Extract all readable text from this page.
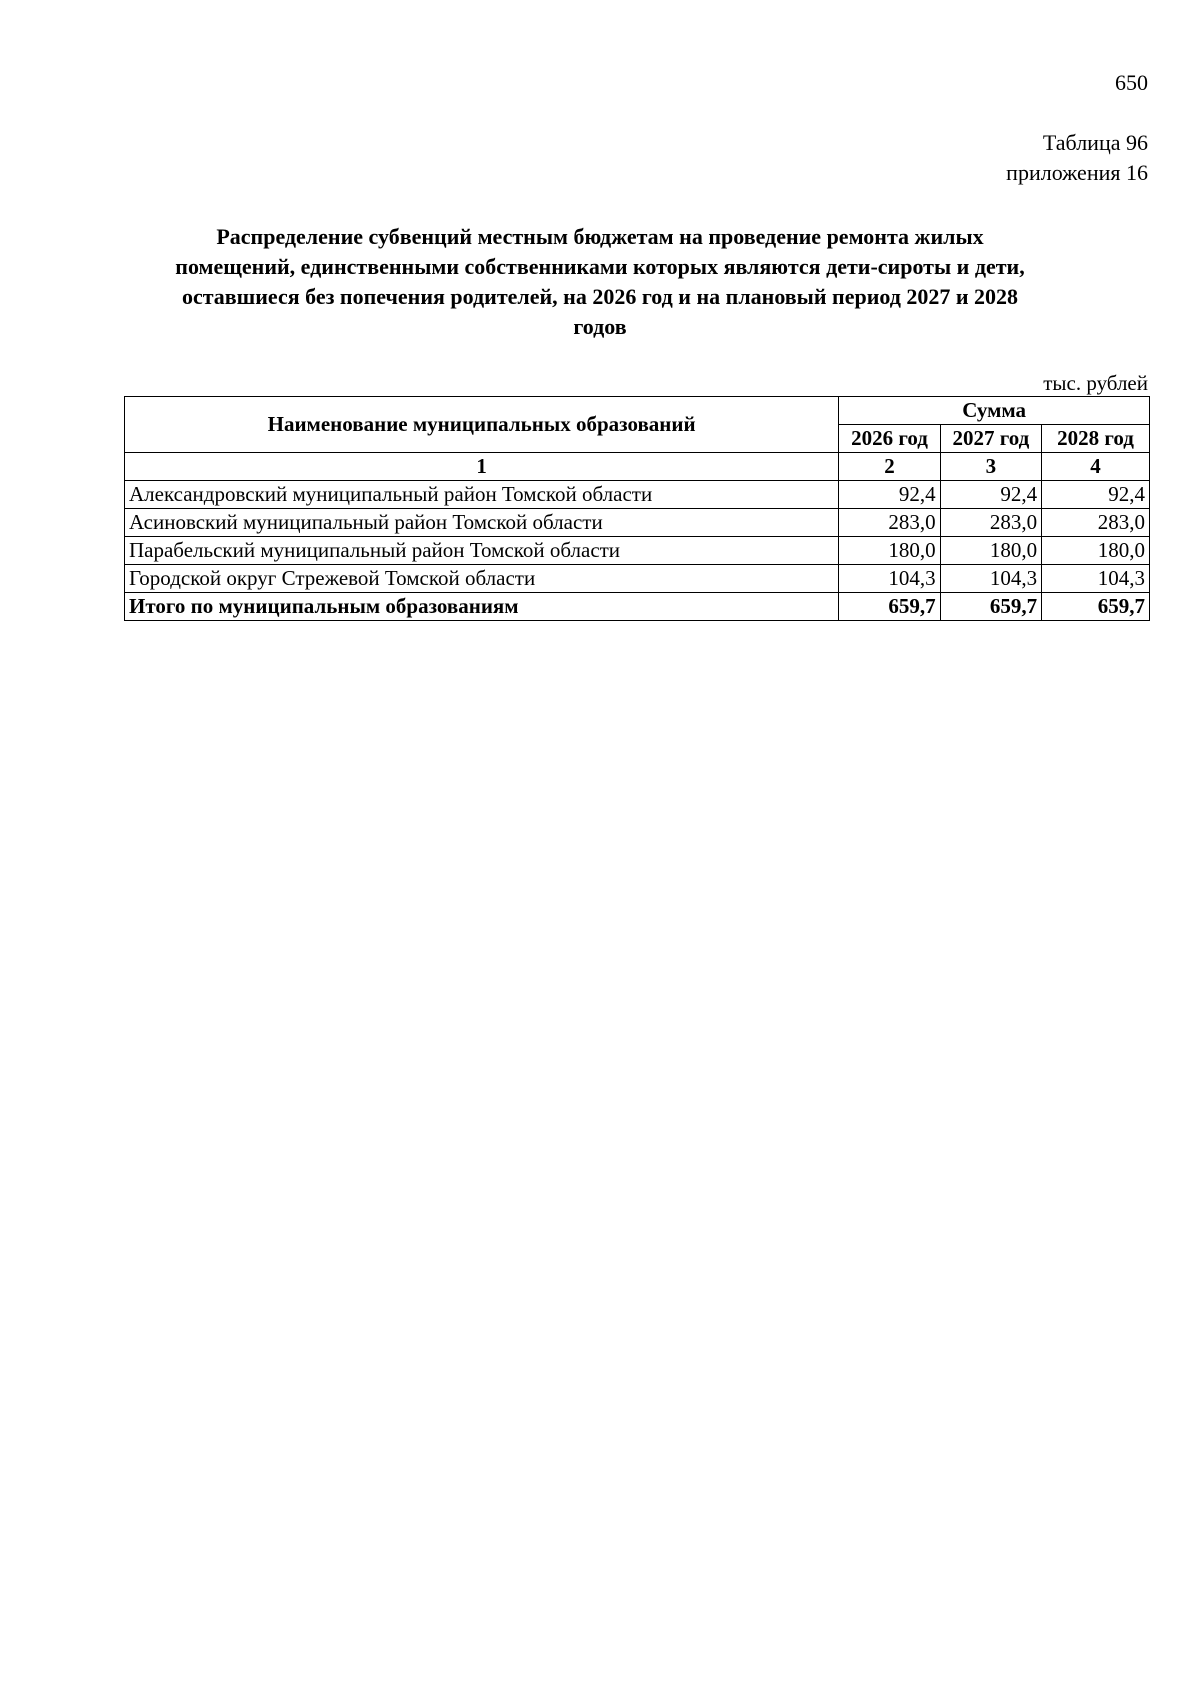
650
Таблица 96
приложения 16
Распределение субвенций местным бюджетам на проведение ремонта жилых
помещений, единственными собственниками которых являются дети-сироты и дети,
оставшиеся без попечения родителей, на 2026 год и на плановый период 2027 и 2028
годов
тыс. рублей
Наименование муниципальных образований	Сумма		
	2026 год	2027 год	2028 год
1	2	3	4
Александровский муниципальный район Томской области	92,4	92,4	92,4
Асиновский муниципальный район Томской области	283,0	283,0	283,0
Парабельский муниципальный район Томской области	180,0	180,0	180,0
Городской округ Стрежевой Томской области	104,3	104,3	104,3
Итого по муниципальным образованиям	659,7	659,7	659,7
